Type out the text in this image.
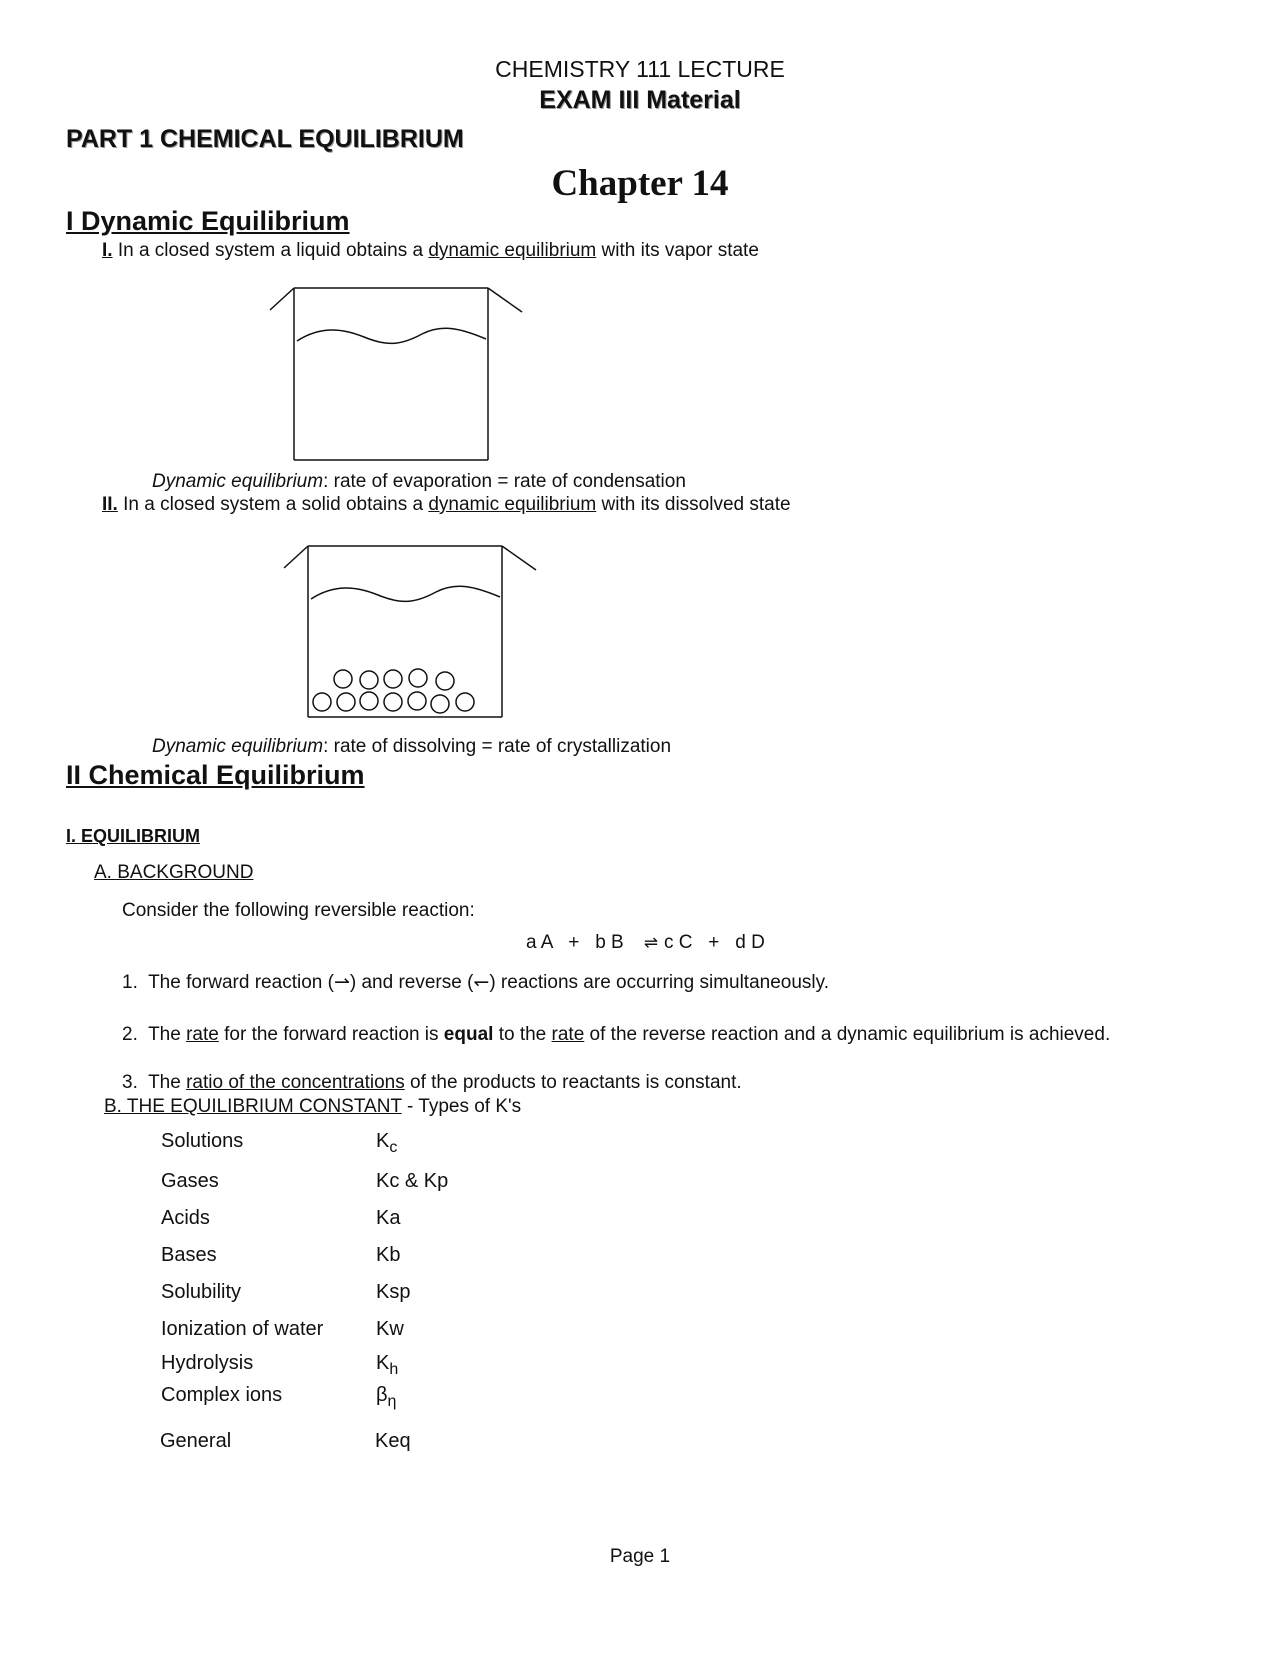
CHEMISTRY 111 LECTURE
EXAM III Material
PART 1 CHEMICAL EQUILIBRIUM
Chapter 14
I Dynamic Equilibrium
I. In a closed system a liquid obtains a dynamic equilibrium with its vapor state
Dynamic equilibrium: rate of evaporation = rate of condensation
II. In a closed system a solid obtains a dynamic equilibrium with its dissolved state
Dynamic equilibrium: rate of dissolving = rate of crystallization
II Chemical Equilibrium
I. EQUILIBRIUM
A. BACKGROUND
Consider the following reversible reaction:
a A   +   b B ⇌ c C   +   d D
1. The forward reaction (⇀) and reverse (↽) reactions are occurring simultaneously.
2. The rate for the forward reaction is equal to the rate of the reverse reaction and a dynamic equilibrium is achieved.
3. The ratio of the concentrations of the products to reactants is constant.
B. THE EQUILIBRIUM CONSTANT - Types of K's
Solutions	$K_c$
Gases	Kc & Kp
Acids	Ka
Bases	Kb
Solubility	Ksp
Ionization of water	Kw
Hydrolysis	$K_h$
Complex ions	$\beta_\eta$
General	Keq
Page 1
